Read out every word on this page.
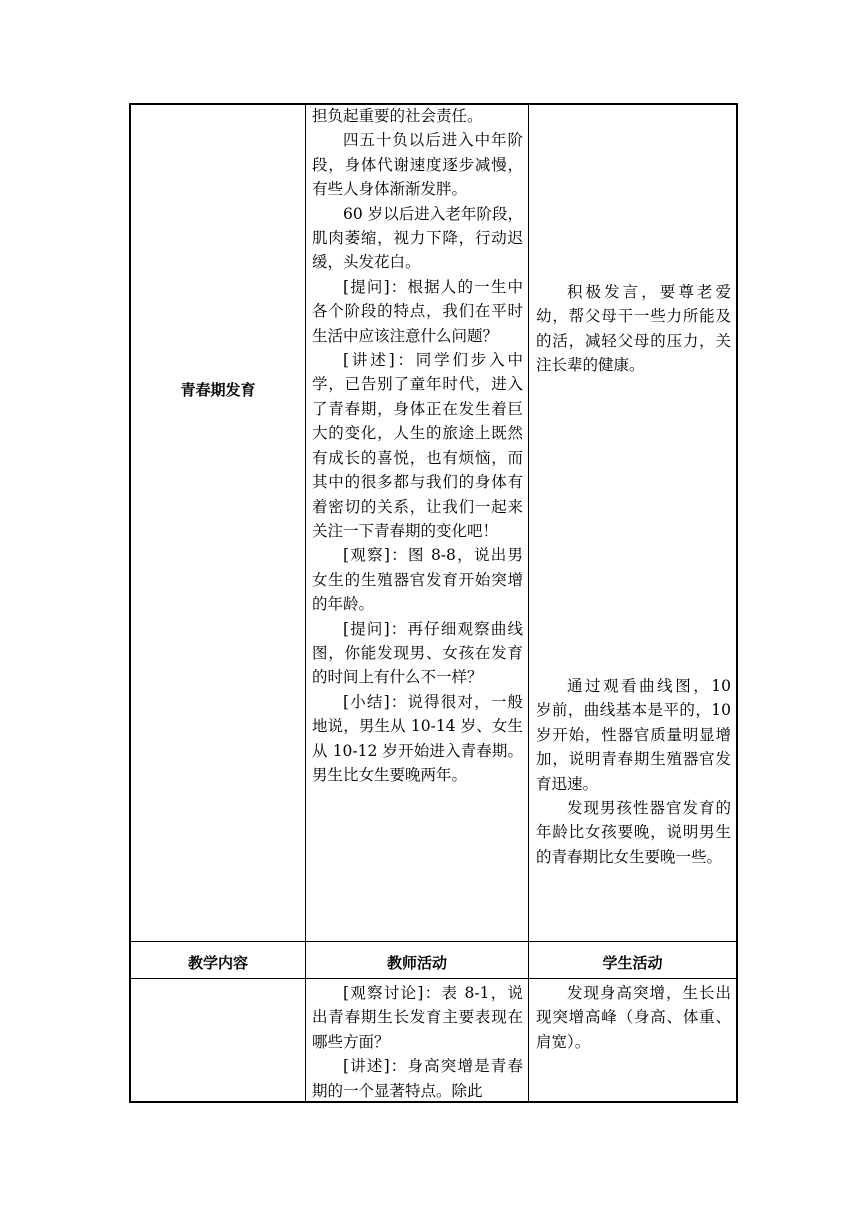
青春期发育

担负起重要的社会责任。

四五十负以后进入中年阶段，身体代谢速度逐步减慢，有些人身体渐渐发胖。

60 岁以后进入老年阶段，肌肉萎缩，视力下降，行动迟缓，头发花白。

[提问]：根据人的一生中各个阶段的特点，我们在平时生活中应该注意什么问题？

[讲述]：同学们步入中学，已告别了童年时代，进入了青春期，身体正在发生着巨大的变化，人生的旅途上既然有成长的喜悦，也有烦恼，而其中的很多都与我们的身体有着密切的关系，让我们一起来关注一下青春期的变化吧！

[观察]：图 8-8，说出男女生的生殖器官发育开始突增的年龄。

[提问]：再仔细观察曲线图，你能发现男、女孩在发育的时间上有什么不一样？

[小结]：说得很对，一般地说，男生从 10-14 岁、女生从 10-12 岁开始进入青春期。男生比女生要晚两年。

积极发言，要尊老爱幼，帮父母干一些力所能及的活，减轻父母的压力，关注长辈的健康。

通过观看曲线图，10 岁前，曲线基本是平的，10 岁开始，性器官质量明显增加，说明青春期生殖器官发育迅速。

发现男孩性器官发育的年龄比女孩要晚，说明男生的青春期比女生要晚一些。

教学内容	教师活动	学生活动

[观察讨论]：表 8-1，说出青春期生长发育主要表现在哪些方面？

[讲述]：身高突增是青春期的一个显著特点。除此

发现身高突增，生长出现突增高峰（身高、体重、肩宽）。
